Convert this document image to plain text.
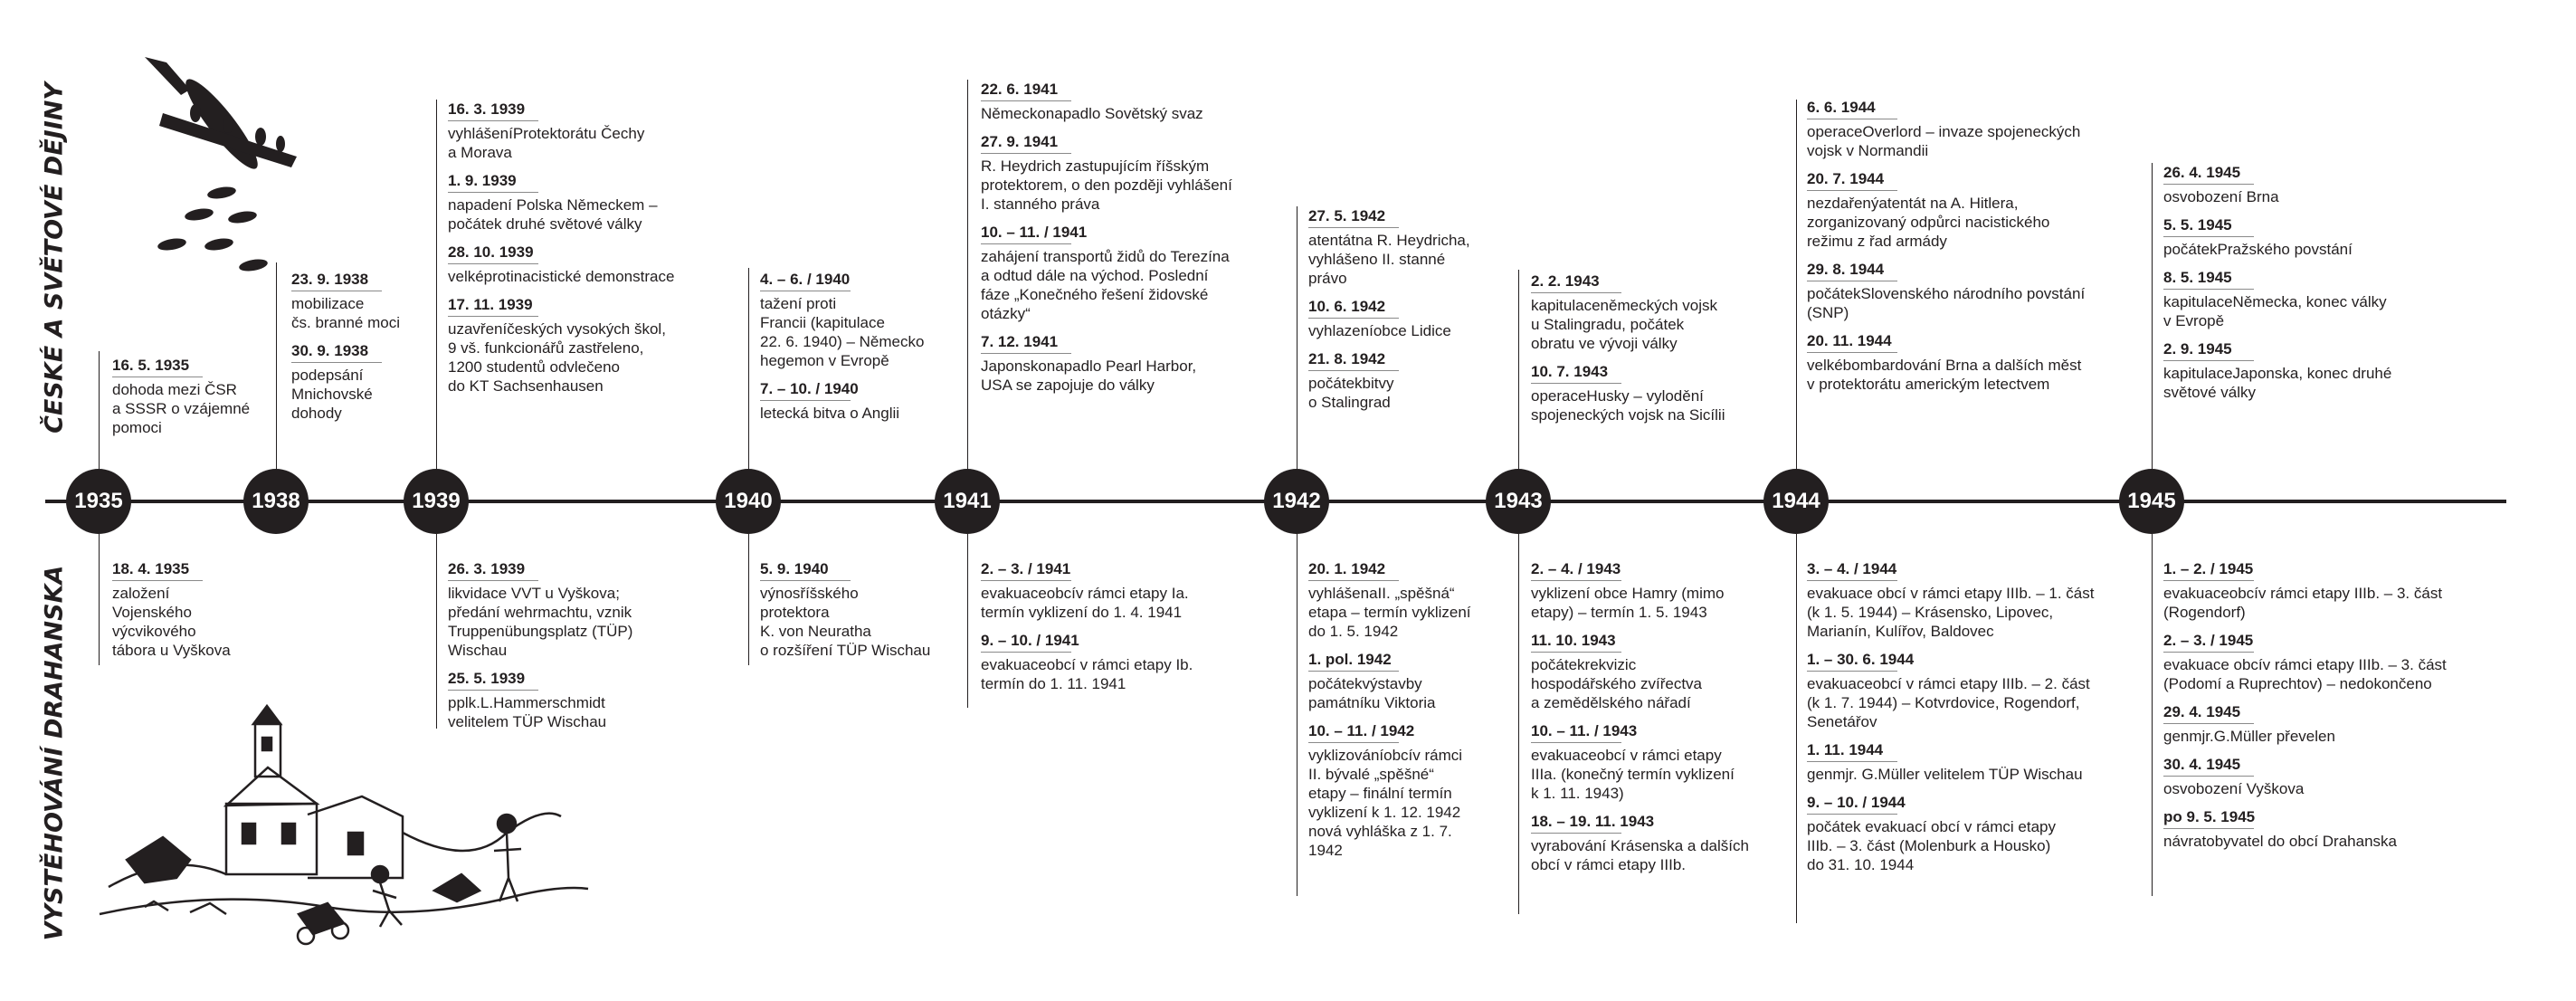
ČESKÉ A SVĚTOVÉ DĚJINY
VYSTĚHOVÁNÍ DRAHANSKA
1935	1938	1939	1940	1941	1942	1943	1944	1945
16. 5. 1935
dohoda mezi ČSR
a SSSR o vzájemné
pomoci
23. 9. 1938
mobilizace
čs. branné moci
30. 9. 1938
podepsání
Mnichovské
dohody
16. 3. 1939
vyhlášeníProtektorátu Čechy
a Morava
1. 9. 1939
napadení Polska Německem –
počátek druhé světové války
28. 10. 1939
velképrotinacistické demonstrace
17. 11. 1939
uzavřeníčeských vysokých škol,
9 vš. funkcionářů zastřeleno,
1200 studentů odvlečeno
do KT Sachsenhausen
4. – 6. / 1940
tažení proti
Francii (kapitulace
22. 6. 1940) – Německo
hegemon v Evropě
7. – 10. / 1940
letecká bitva o Anglii
22. 6. 1941
Německonapadlo Sovětský svaz
27. 9. 1941
R. Heydrich zastupujícím říšským
protektorem, o den později vyhlášení
I. stanného práva
10. – 11. / 1941
zahájení transportů židů do Terezína
a odtud dále na východ. Poslední
fáze „Konečného řešení židovské
otázky“
7. 12. 1941
Japonskonapadlo Pearl Harbor,
USA se zapojuje do války
27. 5. 1942
atentátna R. Heydricha,
vyhlášeno II. stanné
právo
10. 6. 1942
vyhlazeníobce Lidice
21. 8. 1942
počátekbitvy
o Stalingrad
2. 2. 1943
kapitulaceněmeckých vojsk
u Stalingradu, počátek
obratu ve vývoji války
10. 7. 1943
operaceHusky – vylodění
spojeneckých vojsk na Sicílii
6. 6. 1944
operaceOverlord – invaze spojeneckých
vojsk v Normandii
20. 7. 1944
nezdařenýatentát na A. Hitlera,
zorganizovaný odpůrci nacistického
režimu z řad armády
29. 8. 1944
počátekSlovenského národního povstání
(SNP)
20. 11. 1944
velkébombardování Brna a dalších měst
v protektorátu americkým letectvem
26. 4. 1945
osvobození Brna
5. 5. 1945
počátekPražského povstání
8. 5. 1945
kapitulaceNěmecka, konec války
v Evropě
2. 9. 1945
kapitulaceJaponska, konec druhé
světové války
18. 4. 1935
založení
Vojenského
výcvikového
tábora u Vyškova
26. 3. 1939
likvidace VVT u Vyškova;
předání wehrmachtu, vznik
Truppenübungsplatz (TÜP)
Wischau
25. 5. 1939
pplk.L.Hammerschmidt
velitelem TÜP Wischau
5. 9. 1940
výnosříšského
protektora
K. von Neuratha
o rozšíření TÜP Wischau
2. – 3. / 1941
evakuaceobcív rámci etapy Ia.
termín vyklizení do 1. 4. 1941
9. – 10. / 1941
evakuaceobcí v rámci etapy Ib.
termín do 1. 11. 1941
20. 1. 1942
vyhlášenaII. „spěšná“
etapa – termín vyklizení
do 1. 5. 1942
1. pol. 1942
počátekvýstavby
památníku Viktoria
10. – 11. / 1942
vyklizováníobcív rámci
II. bývalé „spěšné“
etapy – finální termín
vyklizení k 1. 12. 1942
nová vyhláška z 1. 7.
1942
2. – 4. / 1943
vyklizení obce Hamry (mimo
etapy) – termín 1. 5. 1943
11. 10. 1943
počátekrekvizic
hospodářského zvířectva
a zemědělského nářadí
10. – 11. / 1943
evakuaceobcí v rámci etapy
IIIa. (konečný termín vyklizení
k 1. 11. 1943)
18. – 19. 11. 1943
vyrabování Krásenska a dalších
obcí v rámci etapy IIIb.
3. – 4. / 1944
evakuace obcí v rámci etapy IIIb. – 1. část
(k 1. 5. 1944) – Krásensko, Lipovec,
Marianín, Kulířov, Baldovec
1. – 30. 6. 1944
evakuaceobcí v rámci etapy IIIb. – 2. část
(k 1. 7. 1944) – Kotvrdovice, Rogendorf,
Senetářov
1. 11. 1944
genmjr. G.Müller velitelem TÜP Wischau
9. – 10. / 1944
počátek evakuací obcí v rámci etapy
IIIb. – 3. část (Molenburk a Housko)
do 31. 10. 1944
1. – 2. / 1945
evakuaceobcív rámci etapy IIIb. – 3. část
(Rogendorf)
2. – 3. / 1945
evakuace obcív rámci etapy IIIb. – 3. část
(Podomí a Ruprechtov) – nedokončeno
29. 4. 1945
genmjr.G.Müller převelen
30. 4. 1945
osvobození Vyškova
po 9. 5. 1945
návratobyvatel do obcí Drahanska
